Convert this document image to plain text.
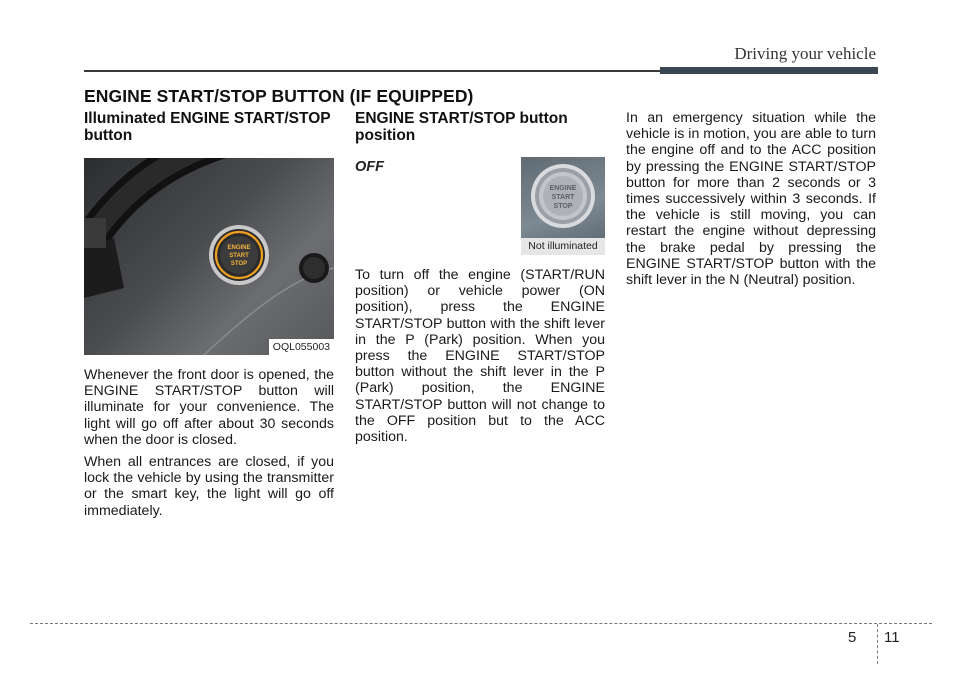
Driving your vehicle
ENGINE START/STOP BUTTON (IF EQUIPPED)
Illuminated ENGINE START/STOP button
ENGINE
START
STOP
OQL055003

Whenever the front door is opened, the ENGINE START/STOP button will illuminate for your convenience. The light will go off after about 30 seconds when the door is closed.

When all entrances are closed, if you lock the vehicle by using the transmitter or the smart key, the light will go off immediately.

ENGINE START/STOP button position
OFF
ENGINE
START
STOP
Not illuminated

To turn off the engine (START/RUN position) or vehicle power (ON position), press the ENGINE START/STOP button with the shift lever in the P (Park) position. When you press the ENGINE START/STOP button without the shift lever in the P (Park) position, the ENGINE START/STOP button will not change to the OFF position but to the ACC position.

In an emergency situation while the vehicle is in motion, you are able to turn the engine off and to the ACC position by pressing the ENGINE START/STOP button for more than 2 seconds or 3 times successively within 3 seconds. If the vehicle is still moving, you can restart the engine without depressing the brake pedal by pressing the ENGINE START/STOP button with the shift lever in the N (Neutral) position.

5 11
